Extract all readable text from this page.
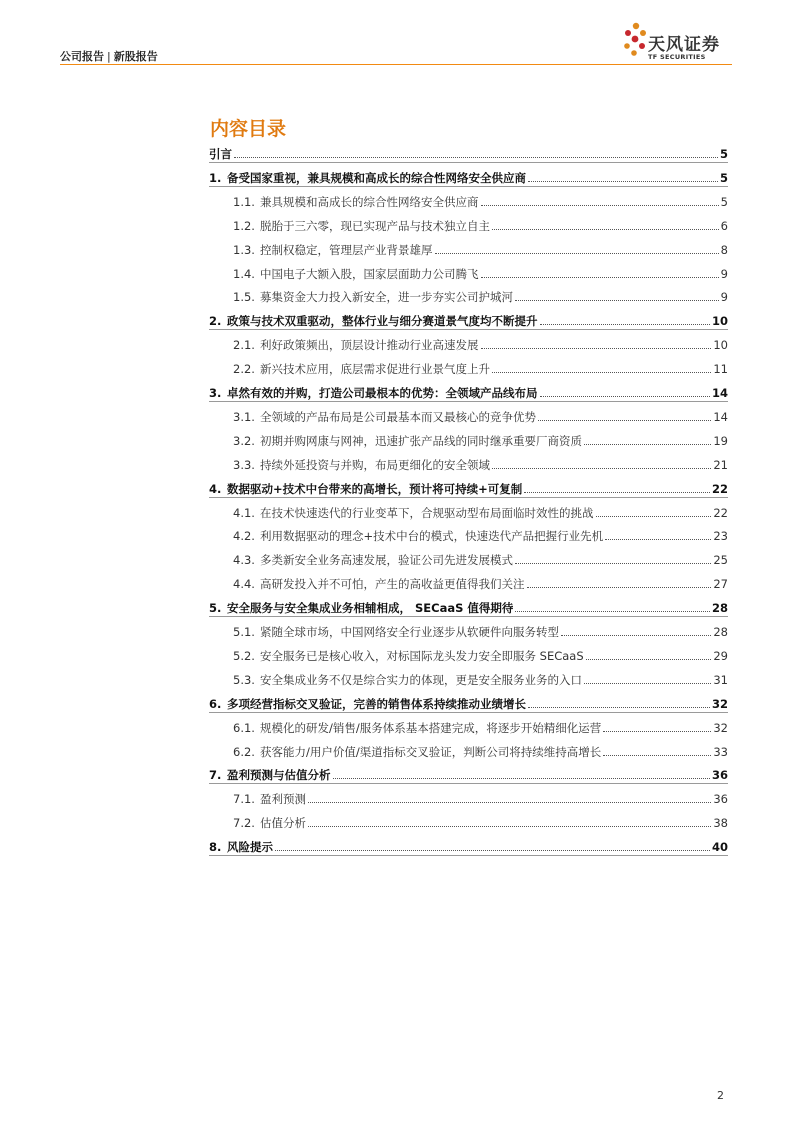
公司报告 | 新股报告
天风证券
TF SECURITIES
内容目录
引言	5
1. 备受国家重视，兼具规模和高成长的综合性网络安全供应商	5
1.1. 兼具规模和高成长的综合性网络安全供应商	5
1.2. 脱胎于三六零，现已实现产品与技术独立自主	6
1.3. 控制权稳定，管理层产业背景雄厚	8
1.4. 中国电子大额入股，国家层面助力公司腾飞	9
1.5. 募集资金大力投入新安全，进一步夯实公司护城河	9
2. 政策与技术双重驱动，整体行业与细分赛道景气度均不断提升	10
2.1. 利好政策频出，顶层设计推动行业高速发展	10
2.2. 新兴技术应用，底层需求促进行业景气度上升	11
3. 卓然有效的并购，打造公司最根本的优势：全领域产品线布局	14
3.1. 全领域的产品布局是公司最基本而又最核心的竞争优势	14
3.2. 初期并购网康与网神，迅速扩张产品线的同时继承重要厂商资质	19
3.3. 持续外延投资与并购，布局更细化的安全领域	21
4. 数据驱动+技术中台带来的高增长，预计将可持续+可复制	22
4.1. 在技术快速迭代的行业变革下，合规驱动型布局面临时效性的挑战	22
4.2. 利用数据驱动的理念+技术中台的模式，快速迭代产品把握行业先机	23
4.3. 多类新安全业务高速发展，验证公司先进发展模式	25
4.4. 高研发投入并不可怕，产生的高收益更值得我们关注	27
5. 安全服务与安全集成业务相辅相成， SECaaS 值得期待	28
5.1. 紧随全球市场，中国网络安全行业逐步从软硬件向服务转型	28
5.2. 安全服务已是核心收入，对标国际龙头发力安全即服务 SECaaS	29
5.3. 安全集成业务不仅是综合实力的体现，更是安全服务业务的入口	31
6. 多项经营指标交叉验证，完善的销售体系持续推动业绩增长	32
6.1. 规模化的研发/销售/服务体系基本搭建完成，将逐步开始精细化运营	32
6.2. 获客能力/用户价值/渠道指标交叉验证，判断公司将持续维持高增长	33
7. 盈利预测与估值分析	36
7.1. 盈利预测	36
7.2. 估值分析	38
8. 风险提示	40
2
